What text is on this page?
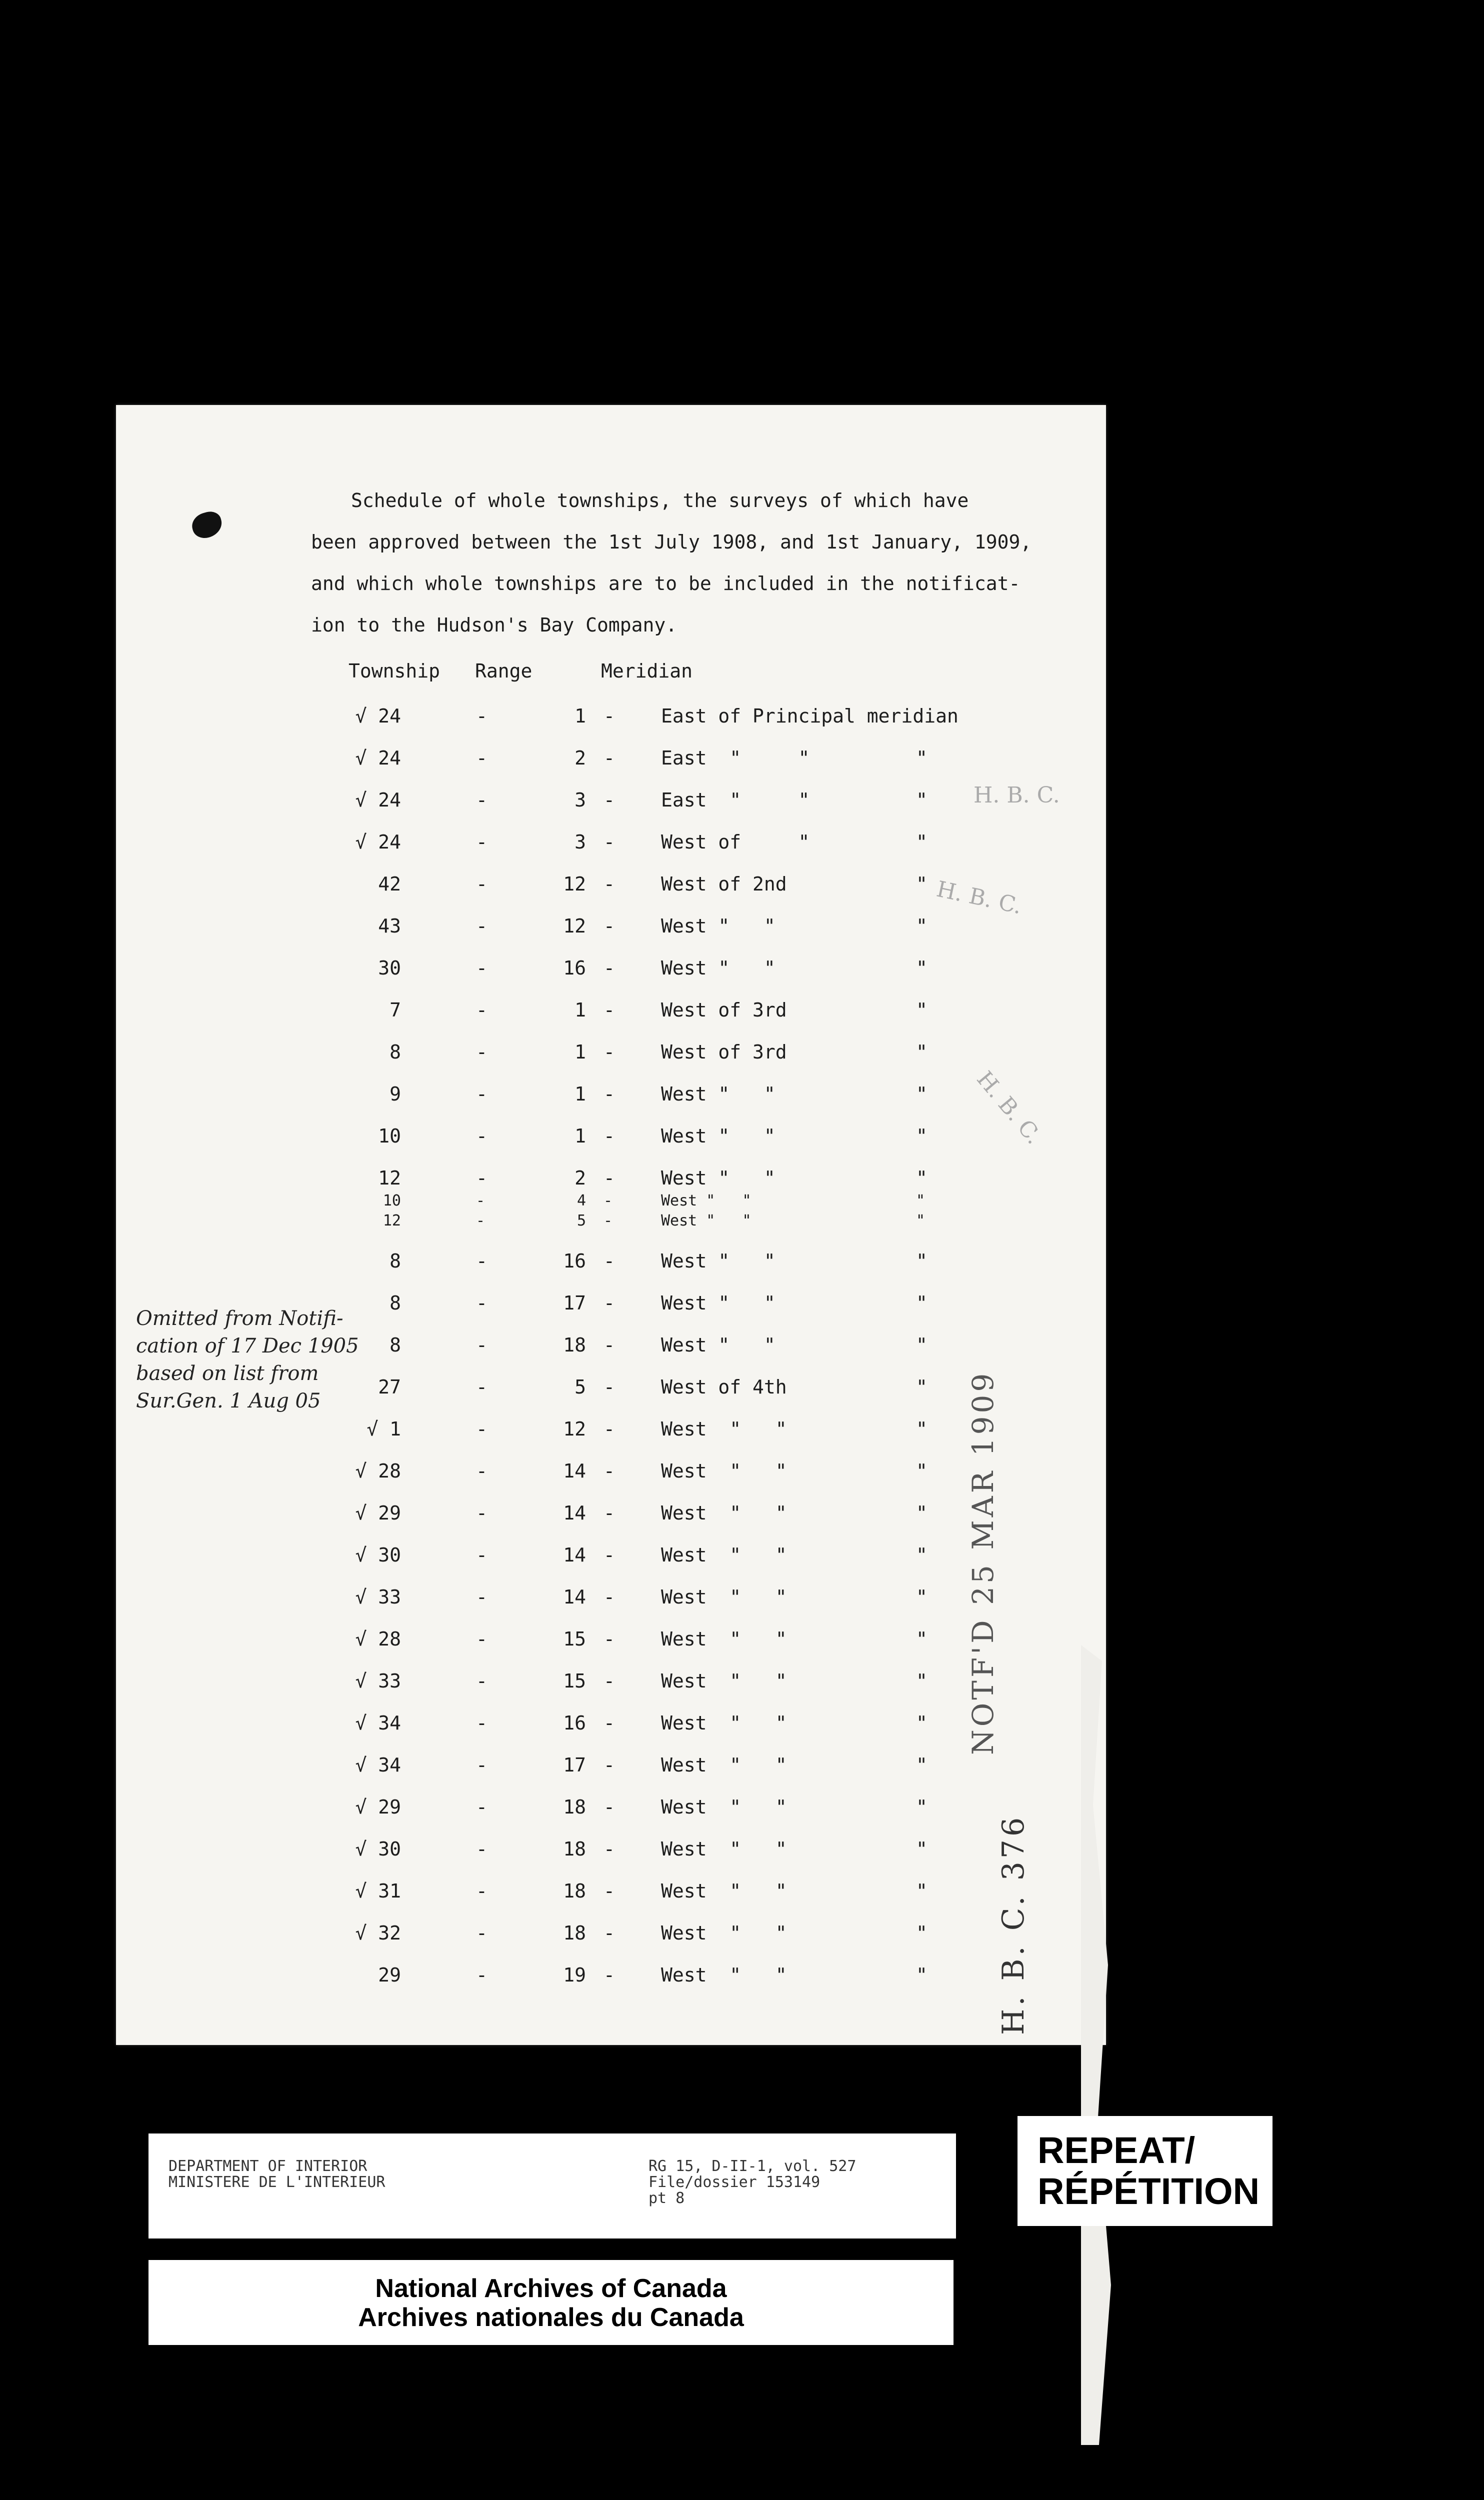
Schedule of whole townships, the surveys of which have

been approved between the 1st July 1908, and 1st January, 1909,

and which whole townships are to be included in the notificat-

ion to the Hudson's Bay Company.

Township Range	Meridian
√ 24	-	1 - East of Principal meridian
√ 24	-	2 - East  "     "	"
√ 24	-	3 - East  "     "	"
√ 24	-	3 - West of     "	"
42	-	12 - West of 2nd	"
43	-	12 - West "   "	"
30	-	16 - West "   "	"
7	-	1 - West of 3rd	"
8	-	1 - West of 3rd	"
9	-	1 - West "   "	"
10	-	1 - West "   "	"
12	-	2 - West "   "	"
10	-	4 -	West "   "	"
12	-	5 -	West "   "	"
8	-	16 - West "   "	"
8	-	17 - West "   "	"
8	-	18 - West "   "	"
27	-	5 - West of 4th	"
√ 1	-	12 - West  "   "	"
√ 28	-	14 - West  "   "	"
√ 29	-	14 - West  "   "	"
√ 30	-	14 - West  "   "	"
√ 33	-	14 - West  "   "	"
√ 28	-	15 - West  "   "	"
√ 33	-	15 - West  "   "	"
√ 34	-	16 - West  "   "	"
√ 34	-	17 - West  "   "	"
√ 29	-	18 - West  "   "	"
√ 30	-	18 - West  "   "	"
√ 31	-	18 - West  "   "	"
√ 32	-	18 - West  "   "	"
29	-	19 - West  "   "	"

Omitted from Notifi-

cation of 17 Dec 1905

based on list from

Sur.Gen. 1 Aug 05

H. B. C.
H. B. C.
H. B. C.
NOTF'D 25 MAR 1909
H. B. C. 376
DEPARTMENT OF INTERIOR
MINISTERE DE L'INTERIEUR
RG 15, D-II-1, vol. 527
File/dossier 153149
pt 8
National Archives of Canada
Archives nationales du Canada
REPEAT/
RÉPÉTITION
